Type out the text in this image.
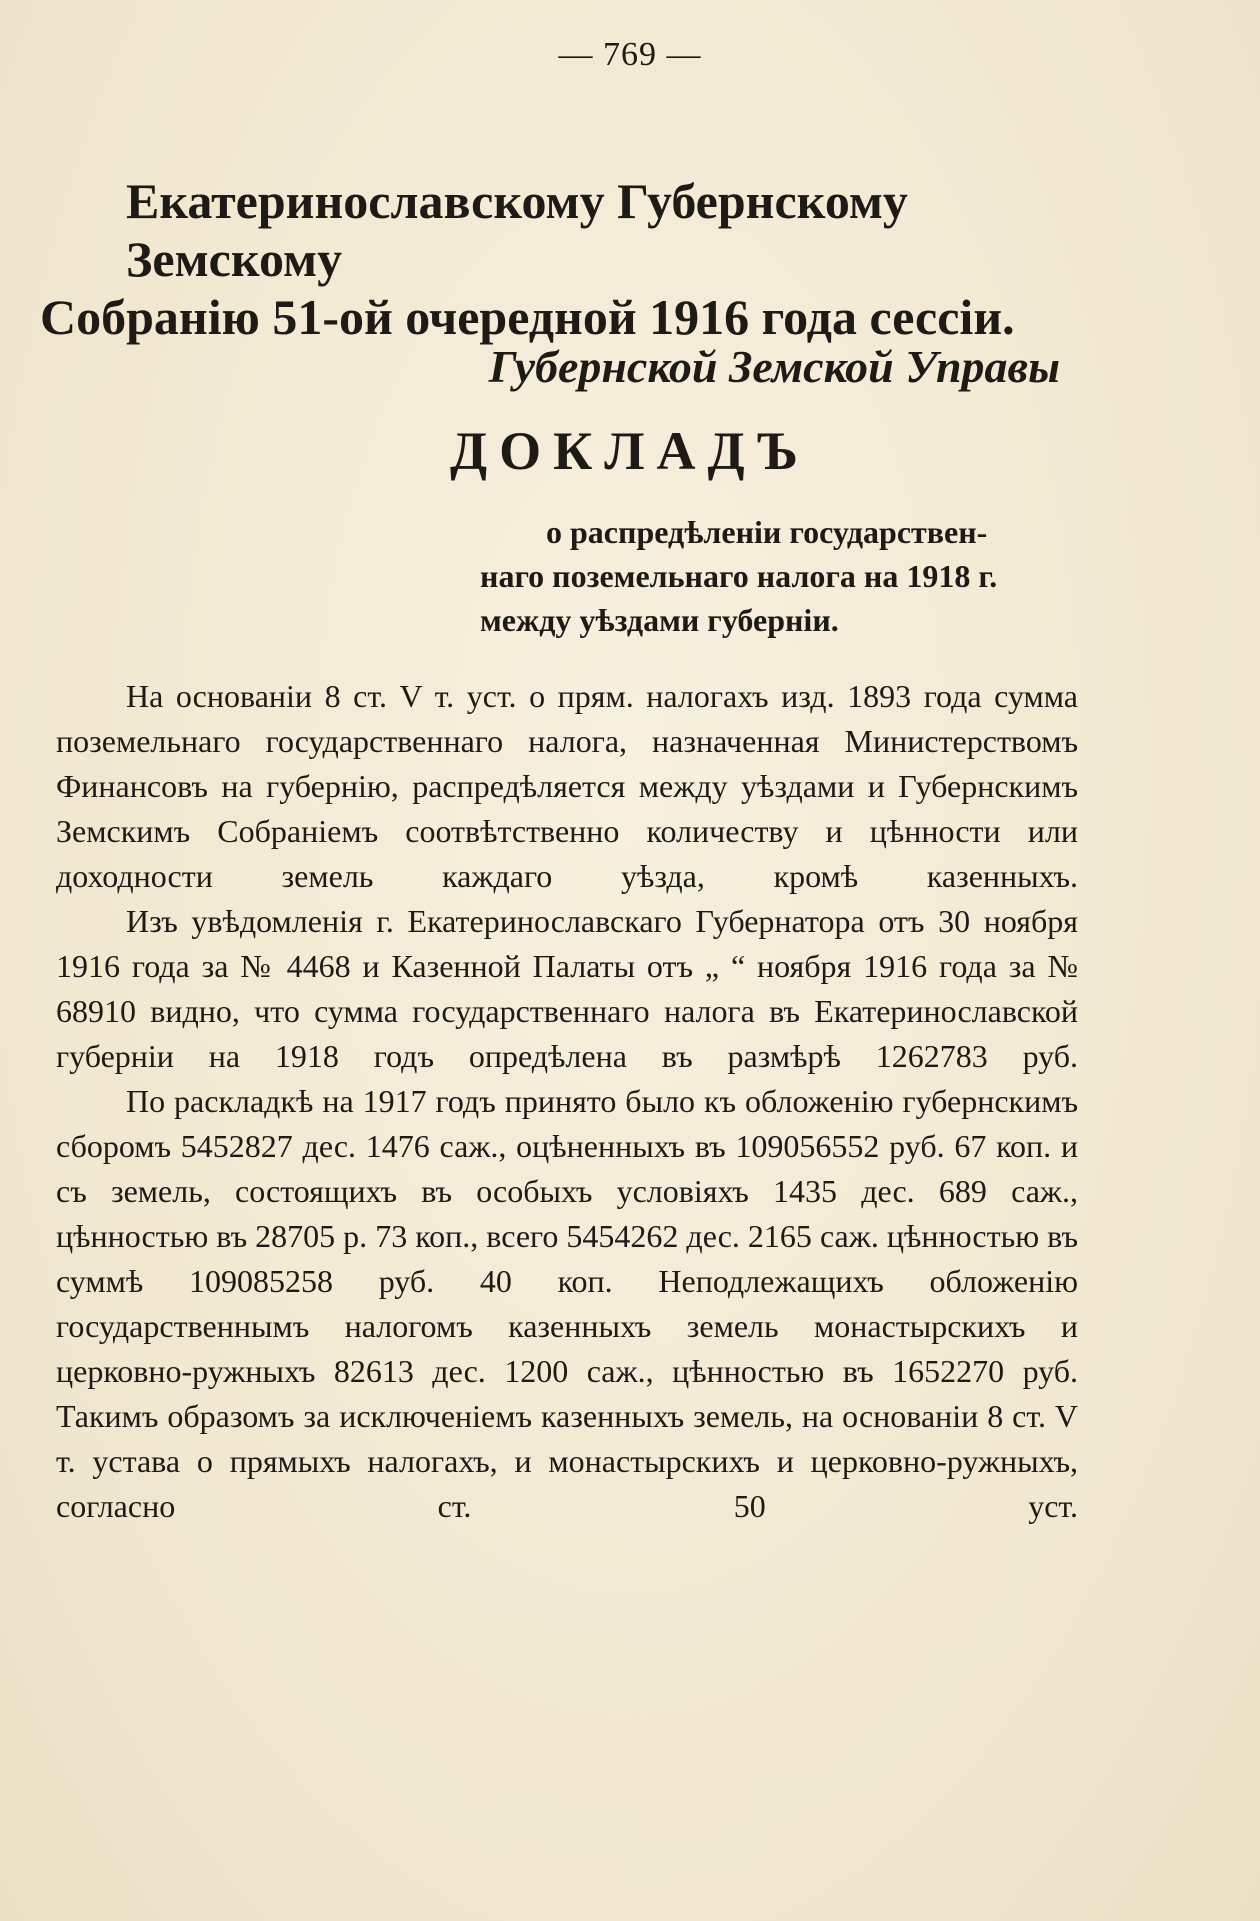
— 769 —
Екатеринославскому Губернскому Земскому
Собранію 51-ой очередной 1916 года сессіи.
Губернской Земской Управы
ДОКЛАДЪ
о распредѣленіи государствен-
наго поземельнаго налога на 1918 г.
между уѣздами губерніи.

На основаніи 8 ст. V т. уст. о прям. налогахъ изд. 1893 года сумма поземельнаго государственнаго налога, назначенная Министерствомъ Финансовъ на губернію, распредѣляется между уѣздами и Губернскимъ Земскимъ Собраніемъ соотвѣтственно количеству и цѣнности или доходности земель каждаго уѣзда, кромѣ казенныхъ.

Изъ увѣдомленія г. Екатеринославскаго Губернатора отъ 30 ноября 1916 года за № 4468 и Казенной Палаты отъ „ “ ноября 1916 года за № 68910 видно, что сумма государственнаго налога въ Екатеринославской губерніи на 1918 годъ опредѣлена въ размѣрѣ 1262783 руб.

По раскладкѣ на 1917 годъ принято было къ обложенію губернскимъ сборомъ 5452827 дес. 1476 саж., оцѣненныхъ въ 109056552 руб. 67 коп. и съ земель, состоящихъ въ особыхъ условіяхъ 1435 дес. 689 саж., цѣнностью въ 28705 р. 73 коп., всего 5454262 дес. 2165 саж. цѣнностью въ суммѣ 109085258 руб. 40 коп. Неподлежащихъ обложенію государственнымъ налогомъ казенныхъ земель монастырскихъ и церковно-ружныхъ 82613 дес. 1200 саж., цѣнностью въ 1652270 руб. Такимъ образомъ за исключеніемъ казенныхъ земель, на основаніи 8 ст. V т. устава о прямыхъ налогахъ, и монастырскихъ и церковно-ружныхъ, согласно ст. 50 уст.
